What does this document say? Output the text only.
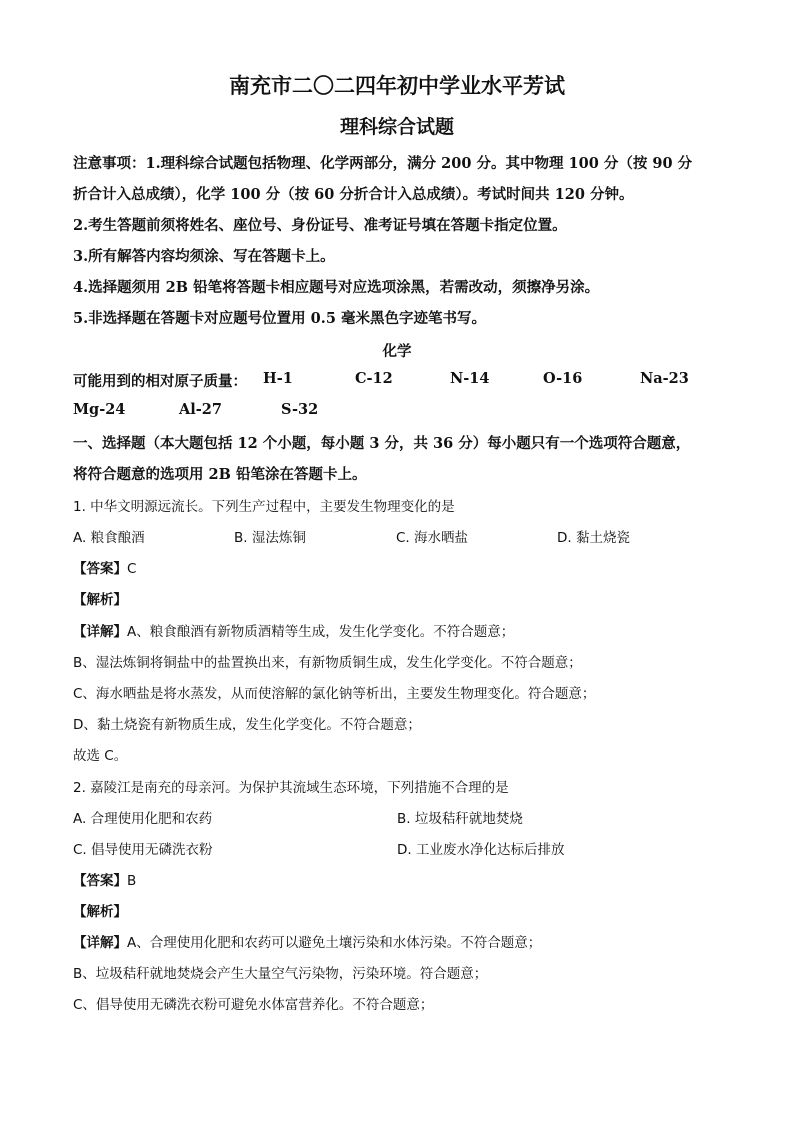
南充市二〇二四年初中学业水平芳试
理科综合试题
注意事项：1.理科综合试题包括物理、化学两部分，满分 200 分。其中物理 100 分（按 90 分
折合计入总成绩），化学 100 分（按 60 分折合计入总成绩）。考试时间共 120 分钟。
2.考生答题前须将姓名、座位号、身份证号、准考证号填在答题卡指定位置。
3.所有解答内容均须涂、写在答题卡上。
4.选择题须用 2B 铅笔将答题卡相应题号对应选项涂黑，若需改动，须擦净另涂。
5.非选择题在答题卡对应题号位置用 0.5 毫米黑色字迹笔书写。
化学
可能用到的相对原子质量： H-1	C-12	N-14	O-16	Na-23
Mg-24	Al-27	S-32
一、选择题（本大题包括 12 个小题，每小题 3 分，共 36 分）每小题只有一个选项符合题意，
将符合题意的选项用 2B 铅笔涂在答题卡上。
1. 中华文明源远流长。下列生产过程中，主要发生物理变化的是
A. 粮食酿酒	B. 湿法炼铜	C. 海水晒盐	D. 黏土烧瓷
【答案】C
【解析】
【详解】A、粮食酿酒有新物质酒精等生成，发生化学变化。不符合题意；
B、湿法炼铜将铜盐中的盐置换出来，有新物质铜生成，发生化学变化。不符合题意；
C、海水晒盐是将水蒸发，从而使溶解的氯化钠等析出，主要发生物理变化。符合题意；
D、黏土烧瓷有新物质生成，发生化学变化。不符合题意；
故选 C。
2. 嘉陵江是南充的母亲河。为保护其流域生态环境，下列措施不合理的是
A. 合理使用化肥和农药	B. 垃圾秸秆就地焚烧
C. 倡导使用无磷洗衣粉	D. 工业废水净化达标后排放
【答案】B
【解析】
【详解】A、合理使用化肥和农药可以避免土壤污染和水体污染。不符合题意；
B、垃圾秸秆就地焚烧会产生大量空气污染物，污染环境。符合题意；
C、倡导使用无磷洗衣粉可避免水体富营养化。不符合题意；
